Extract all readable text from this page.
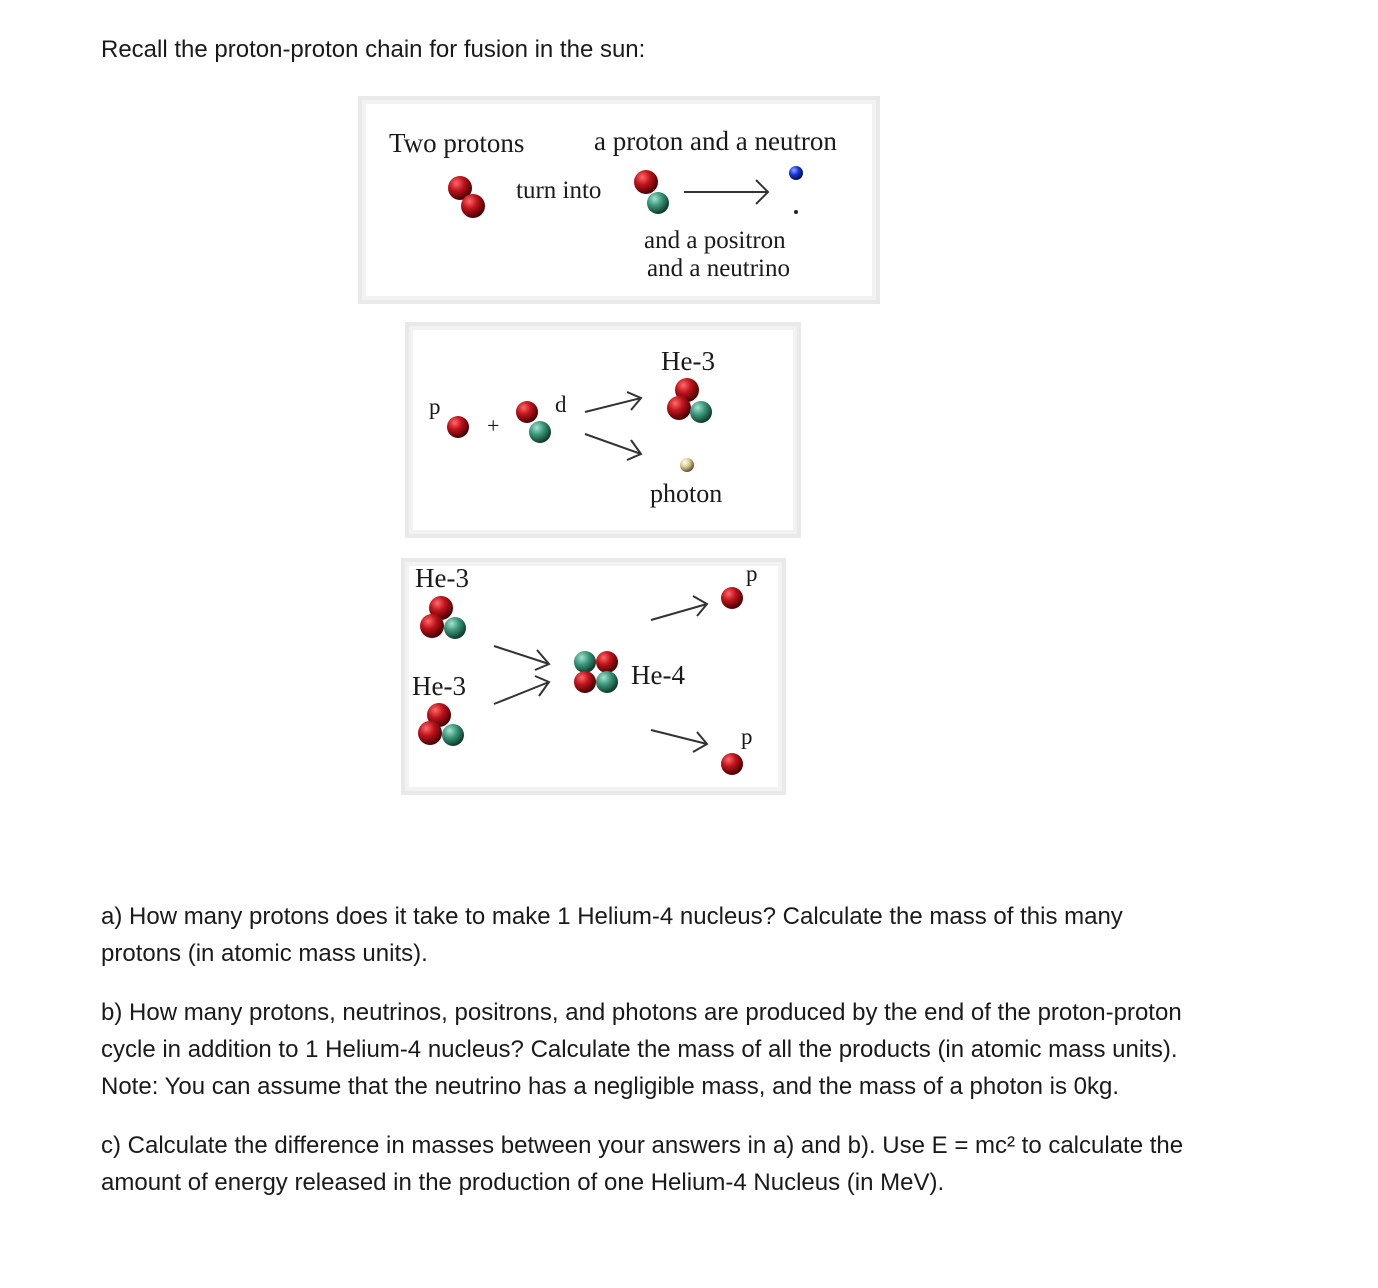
Recall the proton-proton chain for fusion in the sun:
Two protons	a proton and a neutron
turn into
and a positron
and a neutrino
p
+
d
He-3
photon
He-3
He-3	He-4
p
p

a) How many protons does it take to make 1 Helium-4 nucleus? Calculate the mass of this many
protons (in atomic mass units).

b) How many protons, neutrinos, positrons, and photons are produced by the end of the proton-proton
cycle in addition to 1 Helium-4 nucleus? Calculate the mass of all the products (in atomic mass units).
Note: You can assume that the neutrino has a negligible mass, and the mass of a photon is 0kg.

c) Calculate the difference in masses between your answers in a) and b). Use E = mc² to calculate the
amount of energy released in the production of one Helium-4 Nucleus (in MeV).
